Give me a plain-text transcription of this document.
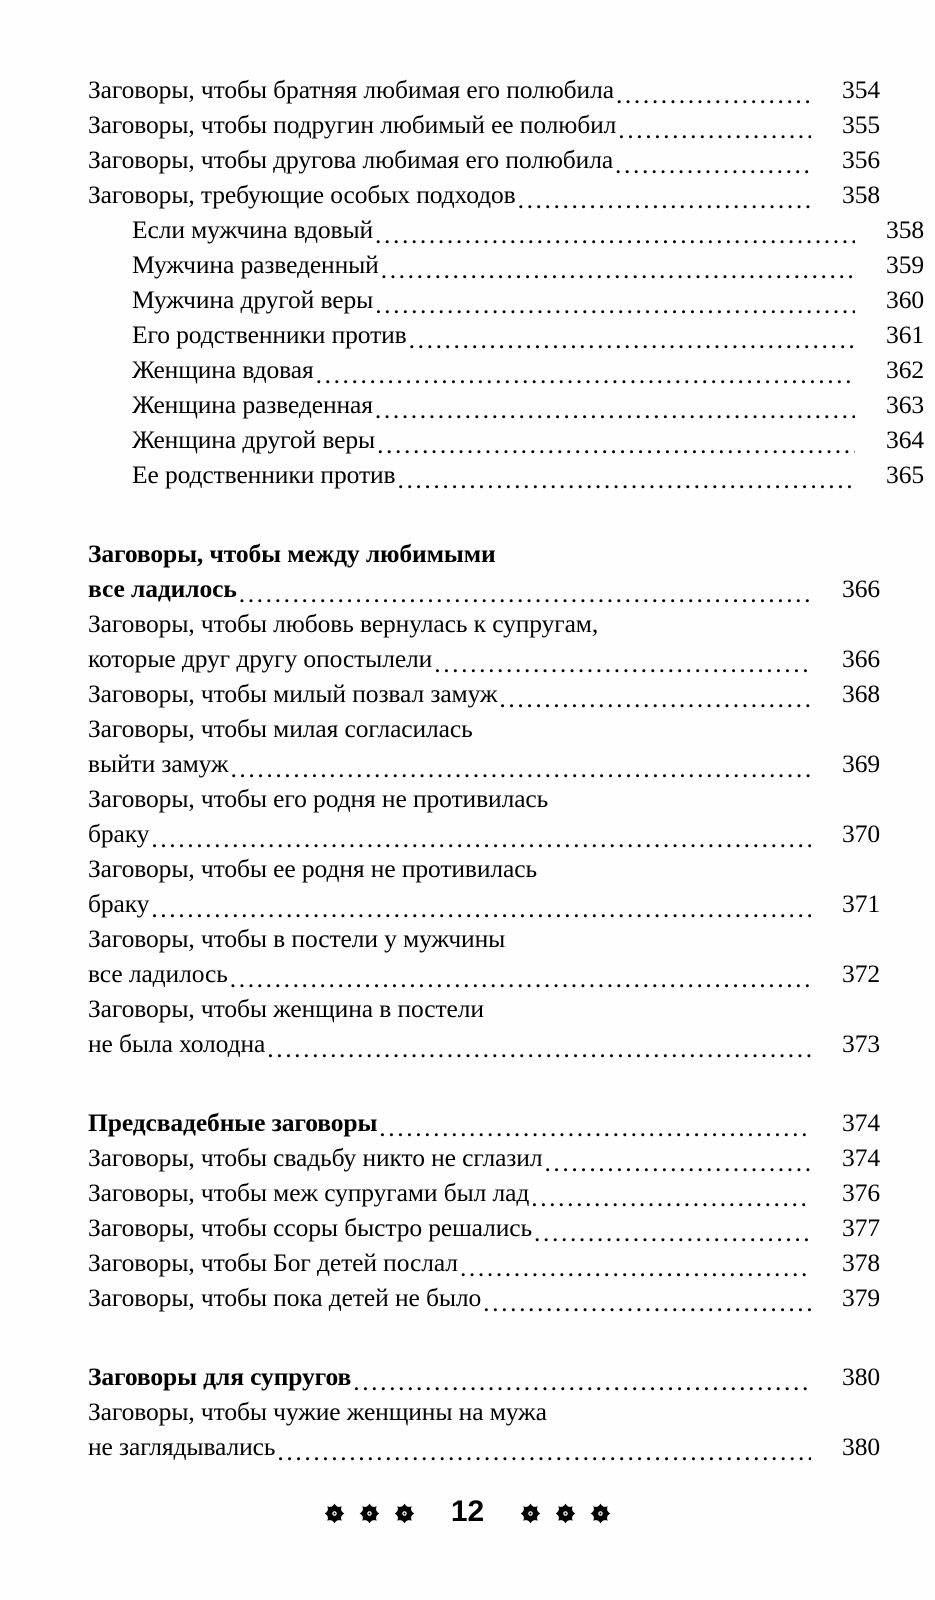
Заговоры, чтобы братняя любимая его полюбила .....	354
Заговоры, чтобы подругин любимый ее полюбил .....	355
Заговоры, чтобы другова любимая его полюбила .....	356
Заговоры, требующие особых подходов .....	358
Если мужчина вдовый .....	358
Мужчина разведенный .....	359
Мужчина другой веры .....	360
Его родственники против .....	361
Женщина вдовая .....	362
Женщина разведенная .....	363
Женщина другой веры .....	364
Ее родственники против .....	365
Заговоры, чтобы между любимыми
все ладилось .....	366
Заговоры, чтобы любовь вернулась к супругам,
которые друг другу опостылели .....	366
Заговоры, чтобы милый позвал замуж .....	368
Заговоры, чтобы милая согласилась
выйти замуж .....	369
Заговоры, чтобы его родня не противилась
браку .....	370
Заговоры, чтобы ее родня не противилась
браку .....	371
Заговоры, чтобы в постели у мужчины
все ладилось .....	372
Заговоры, чтобы женщина в постели
не была холодна .....	373
Предсвадебные заговоры .....	374
Заговоры, чтобы свадьбу никто не сглазил .....	374
Заговоры, чтобы меж супругами был лад .....	376
Заговоры, чтобы ссоры быстро решались .....	377
Заговоры, чтобы Бог детей послал .....	378
Заговоры, чтобы пока детей не было .....	379
Заговоры для супругов .....	380
Заговоры, чтобы чужие женщины на мужа
не заглядывались .....	380
12
